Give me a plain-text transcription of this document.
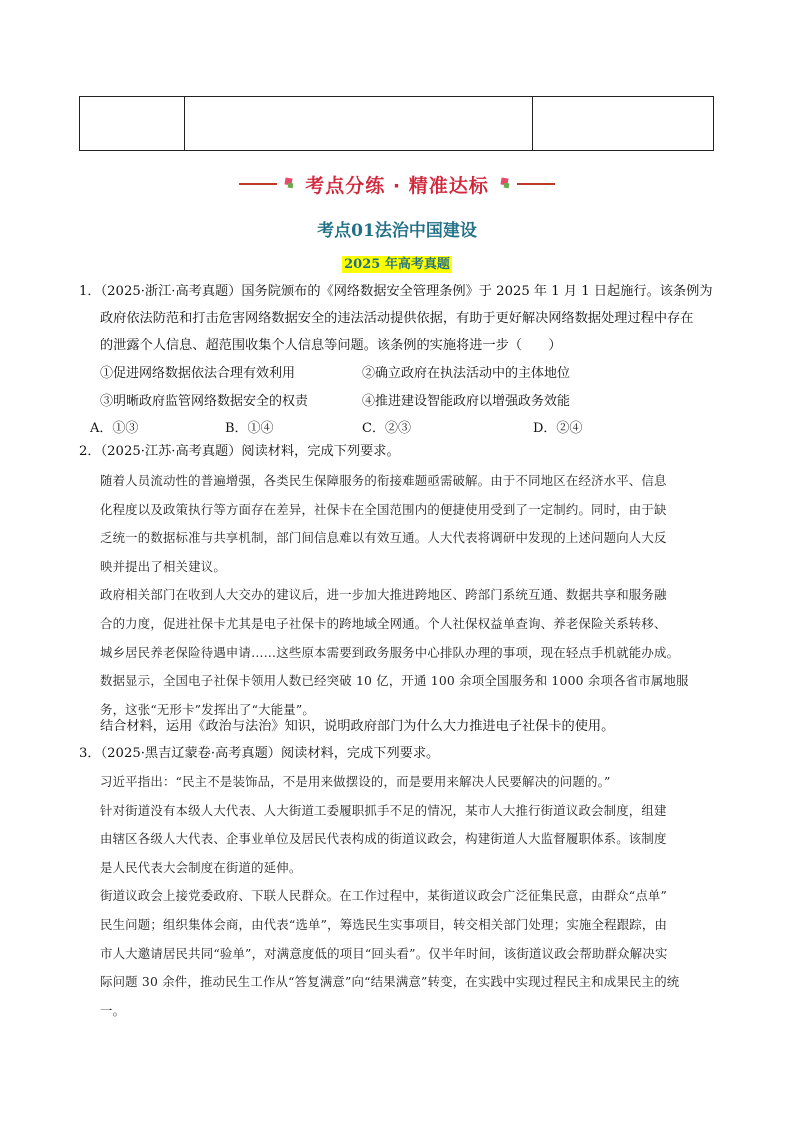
考点分练 · 精准达标
考点01法治中国建设
2025 年高考真题
1．（2025·浙江·高考真题）国务院颁布的《网络数据安全管理条例》于 2025 年 1 月 1 日起施行。该条例为
政府依法防范和打击危害网络数据安全的违法活动提供依据，有助于更好解决网络数据处理过程中存在
的泄露个人信息、超范围收集个人信息等问题。该条例的实施将进一步（　　）
①促进网络数据依法合理有效利用	②确立政府在执法活动中的主体地位
③明晰政府监管网络数据安全的权责	④推进建设智能政府以增强政务效能
A．①③	B．①④	C．②③	D．②④
2．（2025·江苏·高考真题）阅读材料，完成下列要求。

随着人员流动性的普遍增强，各类民生保障服务的衔接难题亟需破解。由于不同地区在经济水平、信息

化程度以及政策执行等方面存在差异，社保卡在全国范围内的便捷使用受到了一定制约。同时，由于缺

乏统一的数据标准与共享机制，部门间信息难以有效互通。人大代表将调研中发现的上述问题向人大反

映并提出了相关建议。

政府相关部门在收到人大交办的建议后，进一步加大推进跨地区、跨部门系统互通、数据共享和服务融

合的力度，促进社保卡尤其是电子社保卡的跨地域全网通。个人社保权益单查询、养老保险关系转移、

城乡居民养老保险待遇申请……这些原本需要到政务服务中心排队办理的事项，现在轻点手机就能办成。

数据显示，全国电子社保卡领用人数已经突破 10 亿，开通 100 余项全国服务和 1000 余项各省市属地服

务，这张“无形卡”发挥出了“大能量”。

结合材料，运用《政治与法治》知识，说明政府部门为什么大力推进电子社保卡的使用。
3．（2025·黑吉辽蒙卷·高考真题）阅读材料，完成下列要求。

习近平指出：“民主不是装饰品，不是用来做摆设的，而是要用来解决人民要解决的问题的。”

针对街道没有本级人大代表、人大街道工委履职抓手不足的情况，某市人大推行街道议政会制度，组建

由辖区各级人大代表、企事业单位及居民代表构成的街道议政会，构建街道人大监督履职体系。该制度

是人民代表大会制度在街道的延伸。

街道议政会上接党委政府、下联人民群众。在工作过程中，某街道议政会广泛征集民意，由群众“点单”

民生问题；组织集体会商，由代表“选单”，筹选民生实事项目，转交相关部门处理；实施全程跟踪，由

市人大邀请居民共同“验单”，对满意度低的项目“回头看”。仅半年时间，该街道议政会帮助群众解决实

际问题 30 余件，推动民生工作从“答复满意”向“结果满意”转变，在实践中实现过程民主和成果民主的统

一。
